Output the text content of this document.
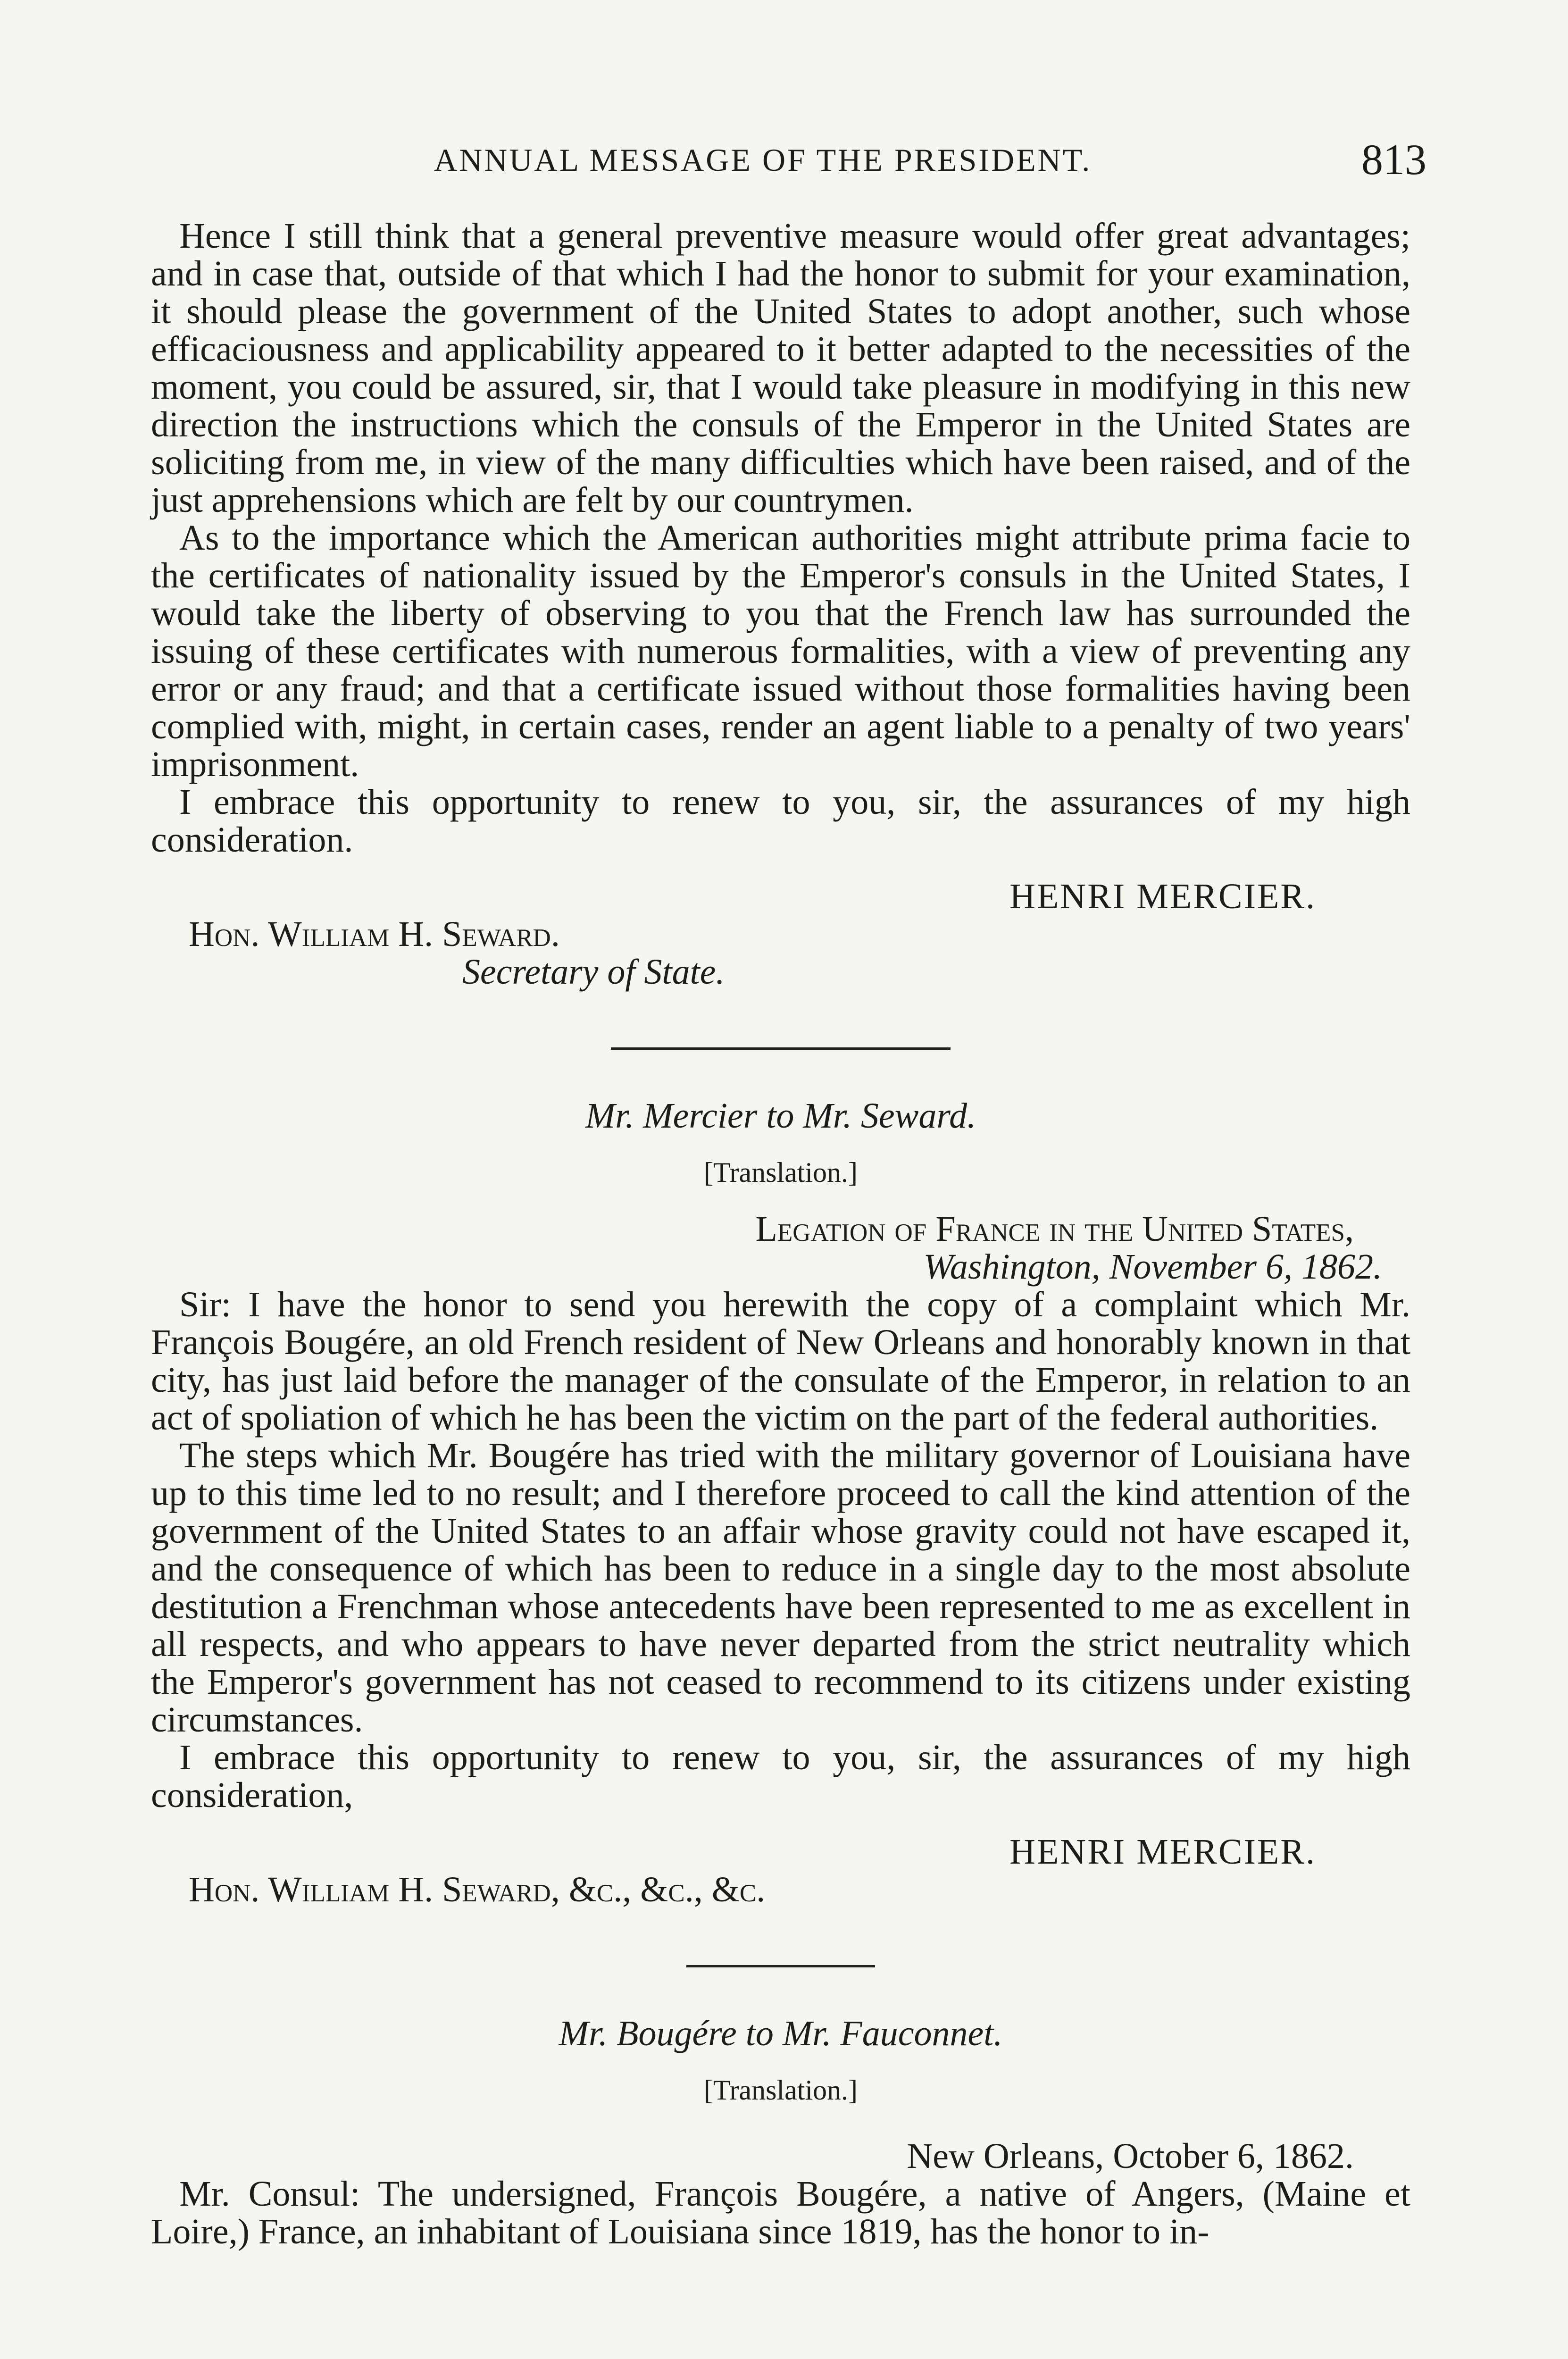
ANNUAL MESSAGE OF THE PRESIDENT.	813

Hence I still think that a general preventive measure would offer great advantages; and in case that, outside of that which I had the honor to submit for your examination, it should please the government of the United States to adopt another, such whose efficaciousness and applicability appeared to it better adapted to the necessities of the moment, you could be assured, sir, that I would take pleasure in modifying in this new direction the instructions which the consuls of the Emperor in the United States are soliciting from me, in view of the many difficulties which have been raised, and of the just apprehensions which are felt by our countrymen.

As to the importance which the American authorities might attribute prima facie to the certificates of nationality issued by the Emperor's consuls in the United States, I would take the liberty of observing to you that the French law has surrounded the issuing of these certificates with numerous formalities, with a view of preventing any error or any fraud; and that a certificate issued without those formalities having been complied with, might, in certain cases, render an agent liable to a penalty of two years' imprisonment.

I embrace this opportunity to renew to you, sir, the assurances of my high consideration.

HENRI MERCIER.

Hon. William H. Seward.

Secretary of State.

Mr. Mercier to Mr. Seward.

[Translation.]

Legation of France in the United States,

Washington, November 6, 1862.

Sir: I have the honor to send you herewith the copy of a complaint which Mr. François Bougére, an old French resident of New Orleans and honorably known in that city, has just laid before the manager of the consulate of the Emperor, in relation to an act of spoliation of which he has been the victim on the part of the federal authorities.

The steps which Mr. Bougére has tried with the military governor of Louisiana have up to this time led to no result; and I therefore proceed to call the kind attention of the government of the United States to an affair whose gravity could not have escaped it, and the consequence of which has been to reduce in a single day to the most absolute destitution a Frenchman whose antecedents have been represented to me as excellent in all respects, and who appears to have never departed from the strict neutrality which the Emperor's government has not ceased to recommend to its citizens under existing circumstances.

I embrace this opportunity to renew to you, sir, the assurances of my high consideration,

HENRI MERCIER.

Hon. William H. Seward, &c., &c., &c.

Mr. Bougére to Mr. Fauconnet.

[Translation.]

New Orleans, October 6, 1862.

Mr. Consul: The undersigned, François Bougére, a native of Angers, (Maine et Loire,) France, an inhabitant of Louisiana since 1819, has the honor to in-
